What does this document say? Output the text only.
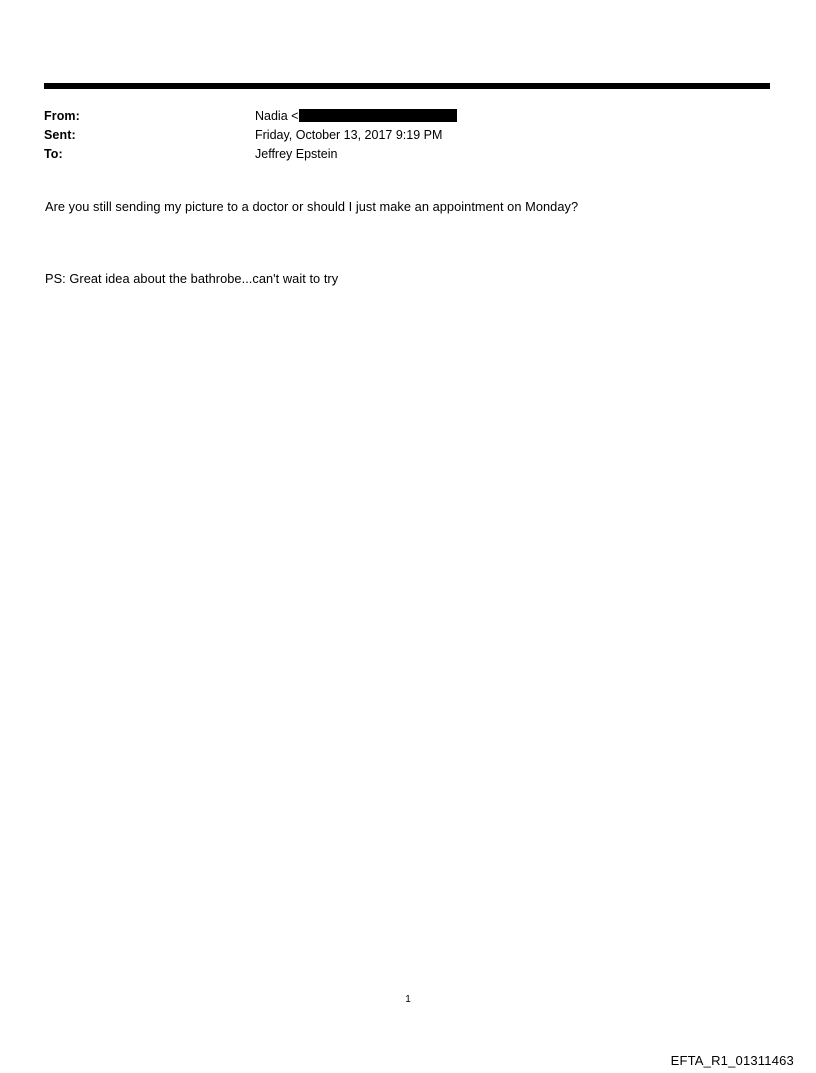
From:	Nadia <
Sent:	Friday, October 13, 2017 9:19 PM
To:	Jeffrey Epstein
Are you still sending my picture to a doctor or should I just make an appointment on Monday?
PS: Great idea about the bathrobe...can't wait to try
1
EFTA_R1_01311463
